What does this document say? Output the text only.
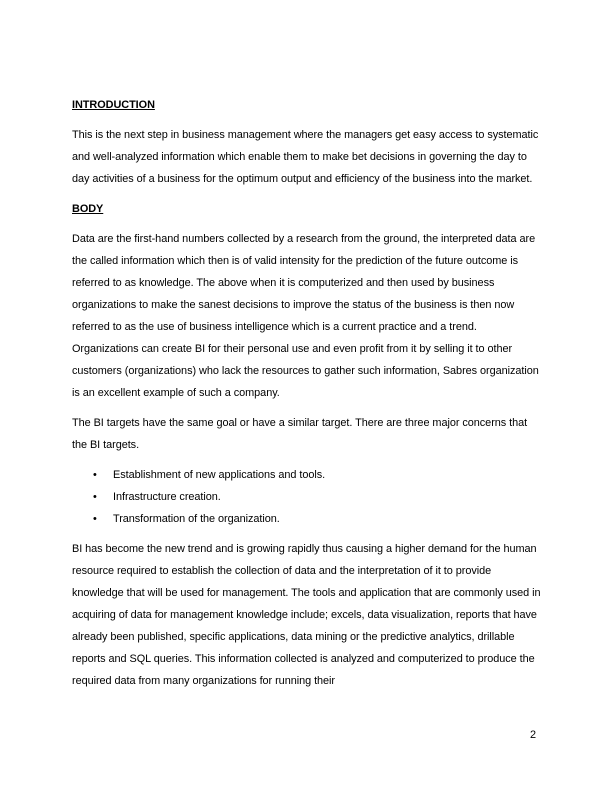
INTRODUCTION

This is the next step in business management where the managers get easy access to systematic and well-analyzed information which enable them to make bet decisions in governing the day to day activities of a business for the optimum output and efficiency of the business into the market.

BODY

Data are the first-hand numbers collected by a research from the ground, the interpreted data are the called information which then is of valid intensity for the prediction of the future outcome is referred to as knowledge. The above when it is computerized and then used by business organizations to make the sanest decisions to improve the status of the business is then now referred to as the use of business intelligence which is a current practice and a trend. Organizations can create BI for their personal use and even profit from it by selling it to other customers (organizations) who lack the resources to gather such information, Sabres organization is an excellent example of such a company.

The BI targets have the same goal or have a similar target. There are three major concerns that the BI targets.

• Establishment of new applications and tools.
• Infrastructure creation.
• Transformation of the organization.

BI has become the new trend and is growing rapidly thus causing a higher demand for the human resource required to establish the collection of data and the interpretation of it to provide knowledge that will be used for management. The tools and application that are commonly used in acquiring of data for management knowledge include; excels, data visualization, reports that have already been published, specific applications, data mining or the predictive analytics, drillable reports and SQL queries. This information collected is analyzed and computerized to produce the required data from many organizations for running their

2
